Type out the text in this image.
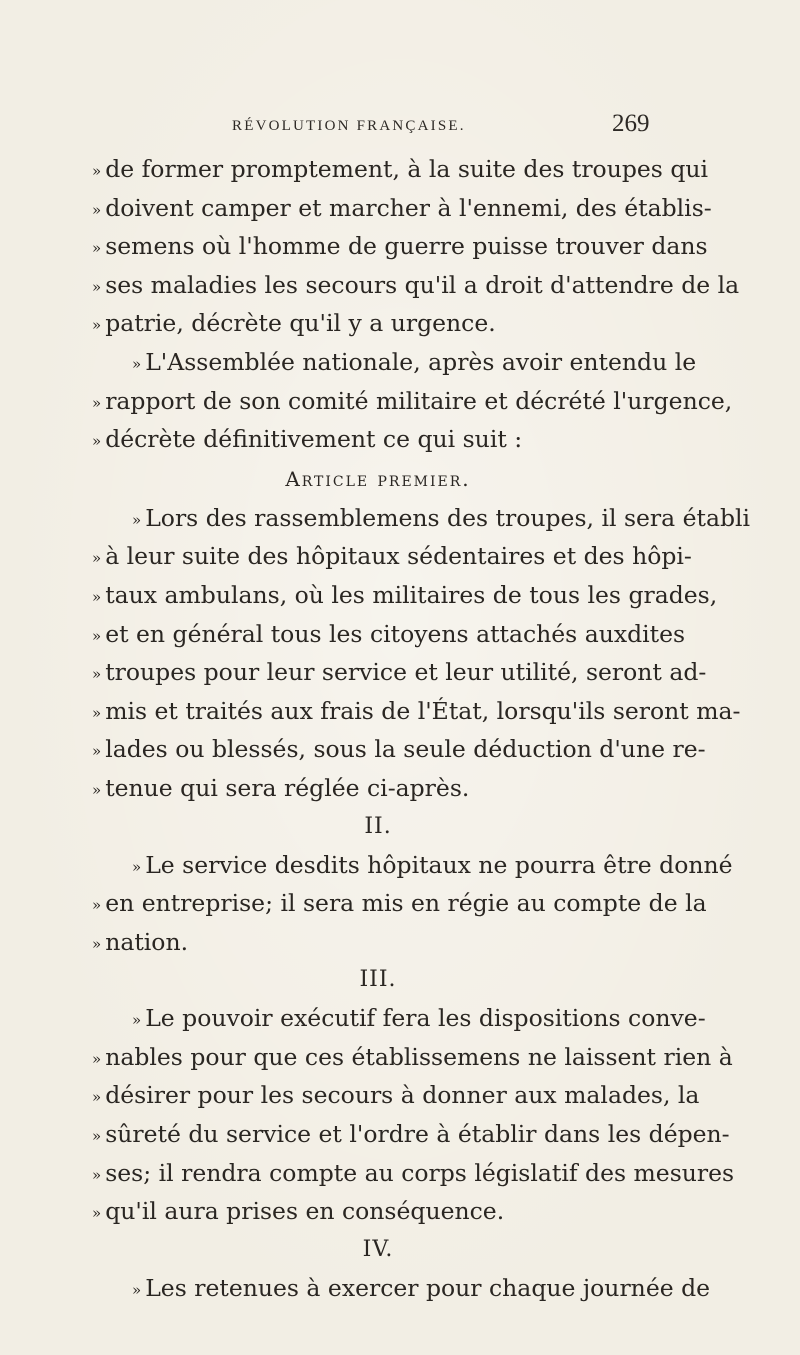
RÉVOLUTION FRANÇAISE.	269
» de former promptement, à la suite des troupes qui
» doivent camper et marcher à l'ennemi, des établis-
» semens où l'homme de guerre puisse trouver dans
» ses maladies les secours qu'il a droit d'attendre de la
» patrie, décrète qu'il y a urgence.
» L'Assemblée nationale, après avoir entendu le
» rapport de son comité militaire et décrété l'urgence,
» décrète définitivement ce qui suit :
Article premier.
» Lors des rassemblemens des troupes, il sera établi
» à leur suite des hôpitaux sédentaires et des hôpi-
» taux ambulans, où les militaires de tous les grades,
» et en général tous les citoyens attachés auxdites
» troupes pour leur service et leur utilité, seront ad-
» mis et traités aux frais de l'État, lorsqu'ils seront ma-
» lades ou blessés, sous la seule déduction d'une re-
» tenue qui sera réglée ci-après.
II.
» Le service desdits hôpitaux ne pourra être donné
» en entreprise; il sera mis en régie au compte de la
» nation.
III.
» Le pouvoir exécutif fera les dispositions conve-
» nables pour que ces établissemens ne laissent rien à
» désirer pour les secours à donner aux malades, la
» sûreté du service et l'ordre à établir dans les dépen-
» ses; il rendra compte au corps législatif des mesures
» qu'il aura prises en conséquence.
IV.
» Les retenues à exercer pour chaque journée de
